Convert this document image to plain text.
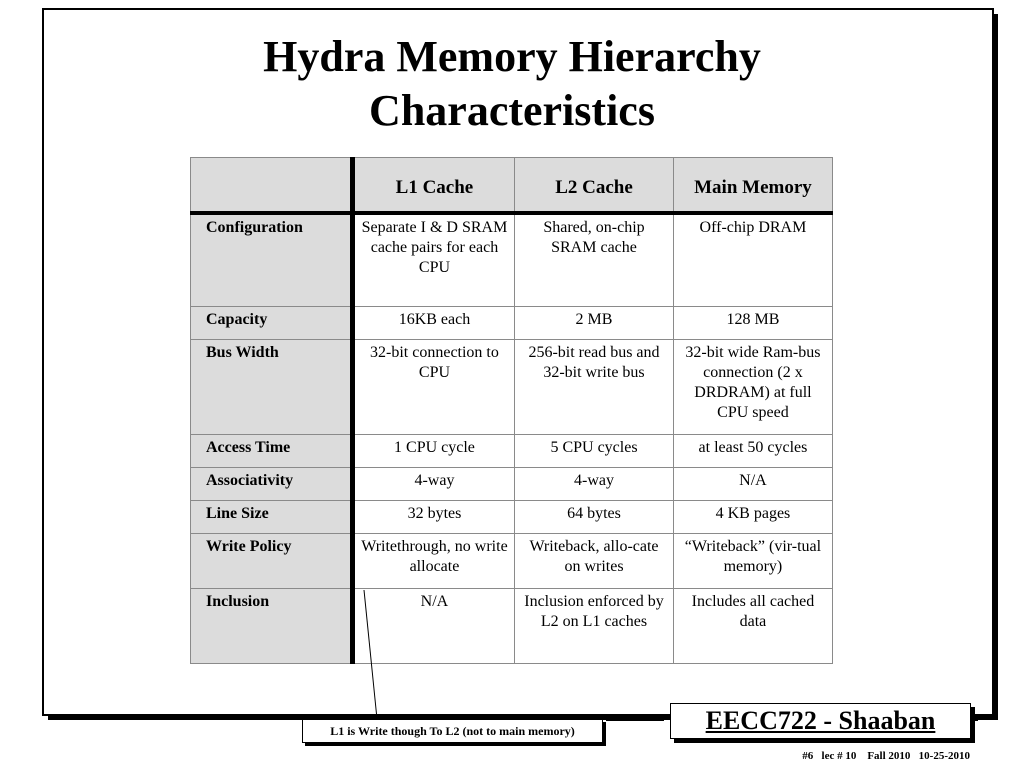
Hydra Memory Hierarchy
Characteristics
	L1 Cache	L2 Cache	Main Memory
Configuration	Separate I & D SRAM cache pairs for each CPU	Shared, on-chip SRAM cache	Off-chip DRAM
Capacity	16KB each	2 MB	128 MB
Bus Width	32-bit connection to CPU	256-bit read bus and 32-bit write bus	32-bit wide Ram-bus connection (2 x DRDRAM) at full CPU speed
Access Time	1 CPU cycle	5 CPU cycles	at least 50 cycles
Associativity	4-way	4-way	N/A
Line Size	32 bytes	64 bytes	4 KB pages
Write Policy	Writethrough, no write allocate	Writeback, allo-cate on writes	“Writeback” (vir-tual memory)
Inclusion	N/A	Inclusion enforced by L2 on L1 caches	Includes all cached data
L1 is Write though To L2 (not to main memory)	EECC722 - Shaaban
#6   lec # 10    Fall 2010   10-25-2010
